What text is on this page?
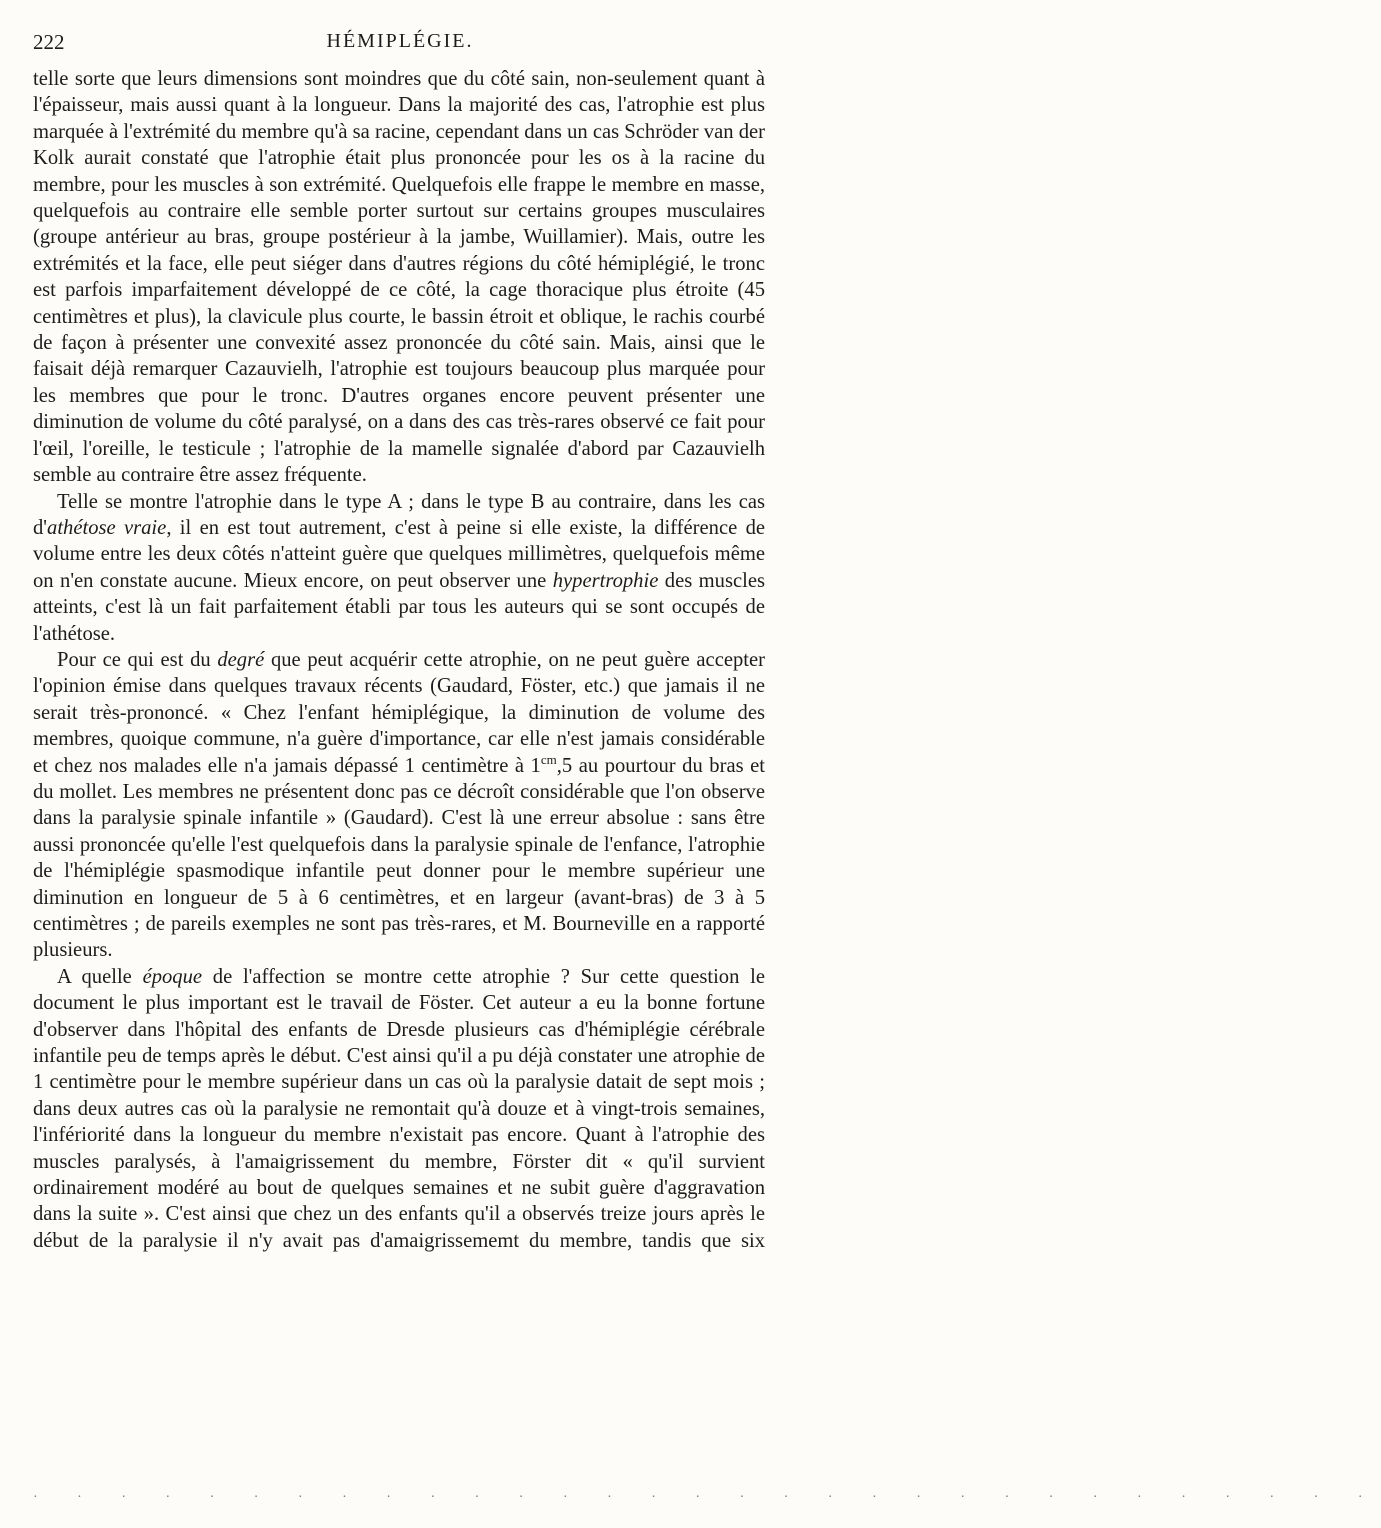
222	HÉMIPLÉGIE.

telle sorte que leurs dimensions sont moindres que du côté sain, non-seulement quant à l'épaisseur, mais aussi quant à la longueur. Dans la majorité des cas, l'atrophie est plus marquée à l'extrémité du membre qu'à sa racine, cependant dans un cas Schröder van der Kolk aurait constaté que l'atrophie était plus prononcée pour les os à la racine du membre, pour les muscles à son extrémité. Quelquefois elle frappe le membre en masse, quelquefois au contraire elle semble porter surtout sur certains groupes musculaires (groupe antérieur au bras, groupe postérieur à la jambe, Wuillamier). Mais, outre les extrémités et la face, elle peut siéger dans d'autres régions du côté hémiplégié, le tronc est parfois imparfaitement développé de ce côté, la cage thoracique plus étroite (45 centimètres et plus), la clavicule plus courte, le bassin étroit et oblique, le rachis courbé de façon à présenter une convexité assez prononcée du côté sain. Mais, ainsi que le faisait déjà remarquer Cazauvielh, l'atrophie est toujours beaucoup plus marquée pour les membres que pour le tronc. D'autres organes encore peuvent présenter une diminution de volume du côté paralysé, on a dans des cas très-rares observé ce fait pour l'œil, l'oreille, le testicule ; l'atrophie de la mamelle signalée d'abord par Cazauvielh semble au contraire être assez fréquente.

Telle se montre l'atrophie dans le type A ; dans le type B au contraire, dans les cas d'athétose vraie, il en est tout autrement, c'est à peine si elle existe, la différence de volume entre les deux côtés n'atteint guère que quelques millimètres, quelquefois même on n'en constate aucune. Mieux encore, on peut observer une hypertrophie des muscles atteints, c'est là un fait parfaitement établi par tous les auteurs qui se sont occupés de l'athétose.

Pour ce qui est du degré que peut acquérir cette atrophie, on ne peut guère accepter l'opinion émise dans quelques travaux récents (Gaudard, Föster, etc.) que jamais il ne serait très-prononcé. « Chez l'enfant hémiplégique, la diminution de volume des membres, quoique commune, n'a guère d'importance, car elle n'est jamais considérable et chez nos malades elle n'a jamais dépassé 1 centimètre à $1^{cm},5$ au pourtour du bras et du mollet. Les membres ne présentent donc pas ce décroît considérable que l'on observe dans la paralysie spinale infantile » (Gaudard). C'est là une erreur absolue : sans être aussi prononcée qu'elle l'est quelquefois dans la paralysie spinale de l'enfance, l'atrophie de l'hémiplégie spasmodique infantile peut donner pour le membre supérieur une diminution en longueur de 5 à 6 centimètres, et en largeur (avant-bras) de 3 à 5 centimètres ; de pareils exemples ne sont pas très-rares, et M. Bourneville en a rapporté plusieurs.

A quelle époque de l'affection se montre cette atrophie ? Sur cette question le document le plus important est le travail de Föster. Cet auteur a eu la bonne fortune d'observer dans l'hôpital des enfants de Dresde plusieurs cas d'hémiplégie cérébrale infantile peu de temps après le début. C'est ainsi qu'il a pu déjà constater une atrophie de 1 centimètre pour le membre supérieur dans un cas où la paralysie datait de sept mois ; dans deux autres cas où la paralysie ne remontait qu'à douze et à vingt-trois semaines, l'infériorité dans la longueur du membre n'existait pas encore. Quant à l'atrophie des muscles paralysés, à l'amaigrissement du membre, Förster dit « qu'il survient ordinairement modéré au bout de quelques semaines et ne subit guère d'aggravation dans la suite ». C'est ainsi que chez un des enfants qu'il a observés treize jours après le début de la paralysie il n'y avait pas d'amaigrissememt du membre, tandis que six

· · · · · · · · · · · · · · · · · · · · · · · · · · · · · · ·
